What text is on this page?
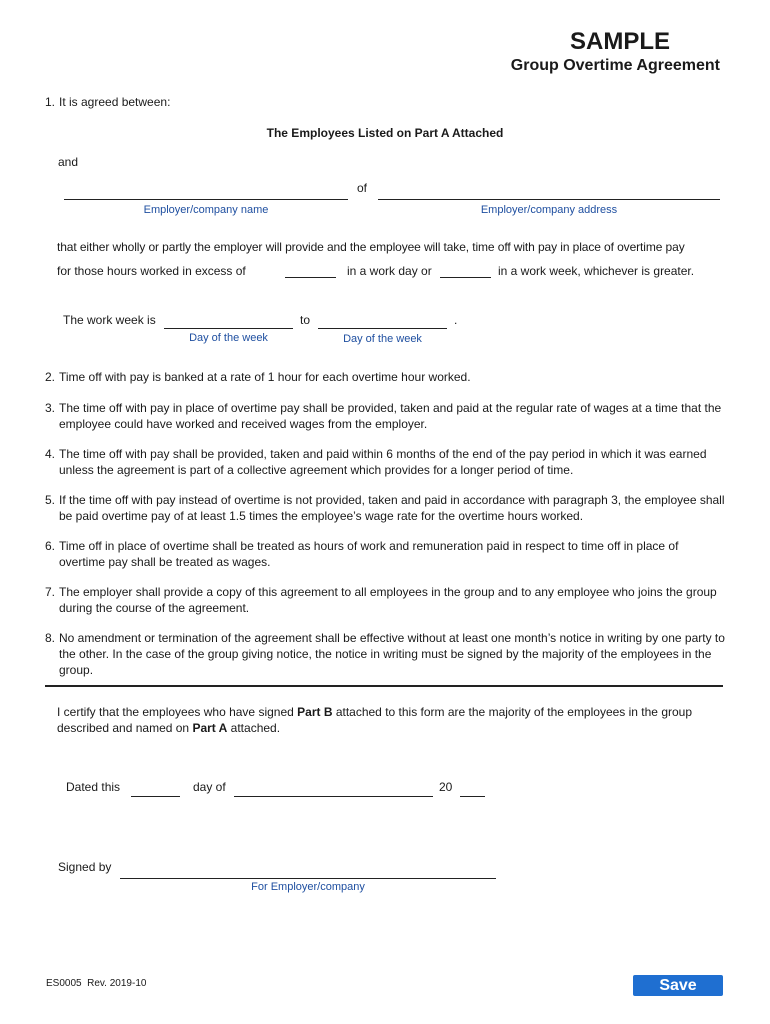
SAMPLE
Group Overtime Agreement
1. It is agreed between:
The Employees Listed on Part A Attached
and
of
Employer/company name	Employer/company address
that either wholly or partly the employer will provide and the employee will take, time off with pay in place of overtime pay
for those hours worked in excess of	in a work day or	in a work week, whichever is greater.
The work week is	to	.
Day of the week	Day of the week
2. Time off with pay is banked at a rate of 1 hour for each overtime hour worked.
3. The time off with pay in place of overtime pay shall be provided, taken and paid at the regular rate of wages at a time that the employee could have worked and received wages from the employer.
4. The time off with pay shall be provided, taken and paid within 6 months of the end of the pay period in which it was earned unless the agreement is part of a collective agreement which provides for a longer period of time.
5. If the time off with pay instead of overtime is not provided, taken and paid in accordance with paragraph 3, the employee shall be paid overtime pay of at least 1.5 times the employee’s wage rate for the overtime hours worked.
6. Time off in place of overtime shall be treated as hours of work and remuneration paid in respect to time off in place of overtime pay shall be treated as wages.
7. The employer shall provide a copy of this agreement to all employees in the group and to any employee who joins the group during the course of the agreement.
8. No amendment or termination of the agreement shall be effective without at least one month’s notice in writing by one party to the other. In the case of the group giving notice, the notice in writing must be signed by the majority of the employees in the group.
I certify that the employees who have signed Part B attached to this form are the majority of the employees in the group described and named on Part A attached.
Dated this	day of	20
Signed by
For Employer/company
ES0005  Rev. 2019-10	Save
